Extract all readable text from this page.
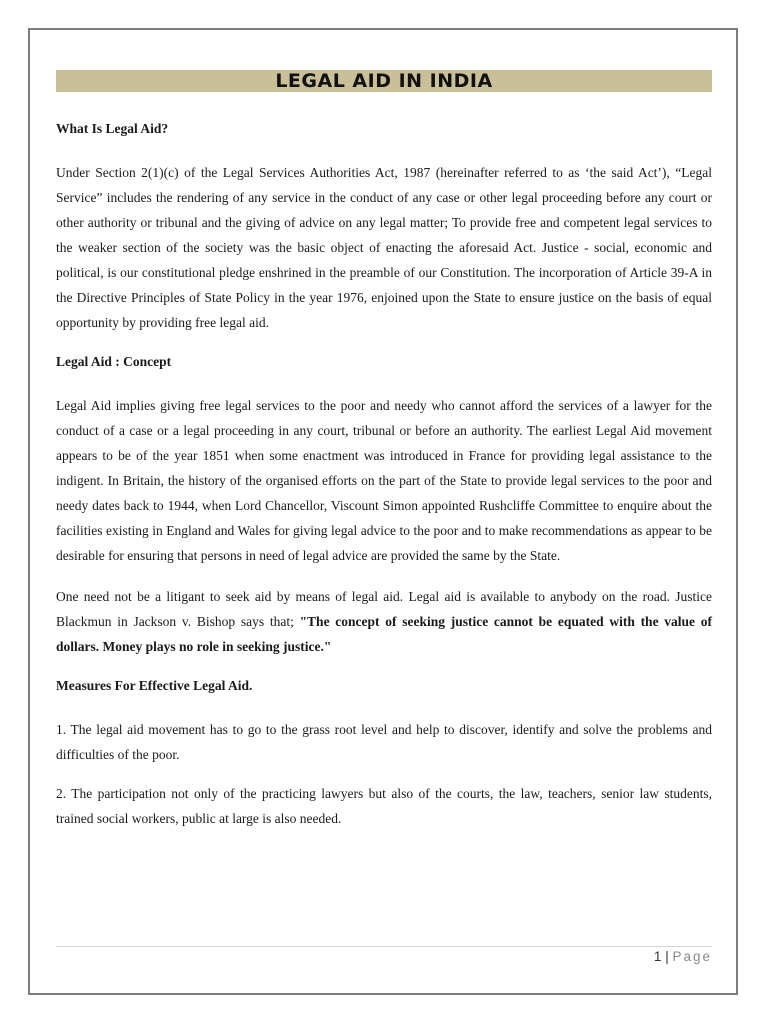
LEGAL AID IN INDIA

What Is Legal Aid?

Under Section 2(1)(c) of the Legal Services Authorities Act, 1987 (hereinafter referred to as ‘the said Act’), “Legal Service” includes the rendering of any service in the conduct of any case or other legal proceeding before any court or other authority or tribunal and the giving of advice on any legal matter; To provide free and competent legal services to the weaker section of the society was the basic object of enacting the aforesaid Act. Justice - social, economic and political, is our constitutional pledge enshrined in the preamble of our Constitution. The incorporation of Article 39-A in the Directive Principles of State Policy in the year 1976, enjoined upon the State to ensure justice on the basis of equal opportunity by providing free legal aid.

Legal Aid : Concept

Legal Aid implies giving free legal services to the poor and needy who cannot afford the services of a lawyer for the conduct of a case or a legal proceeding in any court, tribunal or before an authority. The earliest Legal Aid movement appears to be of the year 1851 when some enactment was introduced in France for providing legal assistance to the indigent. In Britain, the history of the organised efforts on the part of the State to provide legal services to the poor and needy dates back to 1944, when Lord Chancellor, Viscount Simon appointed Rushcliffe Committee to enquire about the facilities existing in England and Wales for giving legal advice to the poor and to make recommendations as appear to be desirable for ensuring that persons in need of legal advice are provided the same by the State.

One need not be a litigant to seek aid by means of legal aid. Legal aid is available to anybody on the road. Justice Blackmun in Jackson v. Bishop says that; "The concept of seeking justice cannot be equated with the value of dollars. Money plays no role in seeking justice."

Measures For Effective Legal Aid.

1. The legal aid movement has to go to the grass root level and help to discover, identify and solve the problems and difficulties of the poor.

2. The participation not only of the practicing lawyers but also of the courts, the law, teachers, senior law students, trained social workers, public at large is also needed.

1 | Page
